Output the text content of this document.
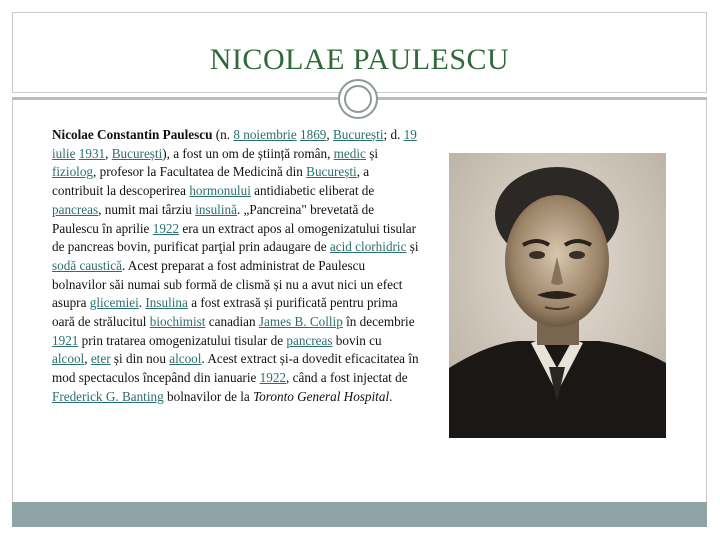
NICOLAE PAULESCU
Nicolae Constantin Paulescu (n. 8 noiembrie 1869, București; d. 19 iulie 1931, București), a fost un om de știință român, medic și fiziolog, profesor la Facultatea de Medicină din București, a contribuit la descoperirea hormonului antidiabetic eliberat de pancreas, numit mai târziu insulină. „Pancreina" brevetată de Paulescu în aprilie 1922 era un extract apos al omogenizatului tisular de pancreas bovin, purificat parţial prin adaugare de acid clorhidric și sodă caustică. Acest preparat a fost administrat de Paulescu bolnavilor săi numai sub formă de clismă și nu a avut nici un efect asupra glicemiei. Insulina a fost extrasă și purificată pentru prima oară de strălucitul biochimist canadian James B. Collip în decembrie 1921 prin tratarea omogenizatului tisular de pancreas bovin cu alcool, eter și din nou alcool. Acest extract și-a dovedit eficacitatea în mod spectaculos începând din ianuarie 1922, când a fost injectat de Frederick G. Banting bolnavilor de la Toronto General Hospital.
